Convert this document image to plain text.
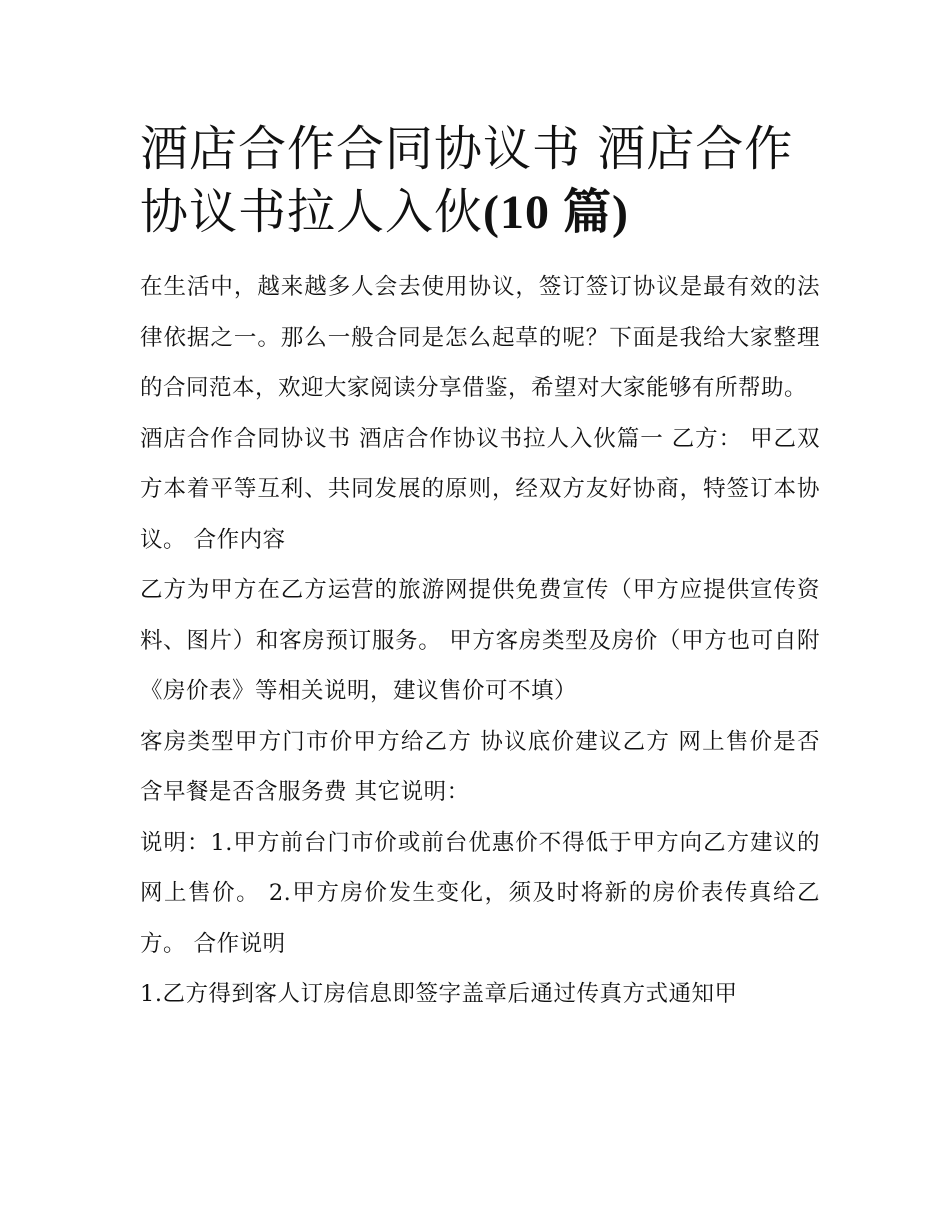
酒店合作合同协议书 酒店合作协议书拉人入伙(10 篇)

在生活中，越来越多人会去使用协议，签订签订协议是最有效的法律依据之一。那么一般合同是怎么起草的呢？下面是我给大家整理的合同范本，欢迎大家阅读分享借鉴，希望对大家能够有所帮助。

酒店合作合同协议书 酒店合作协议书拉人入伙篇一 乙方： 甲乙双方本着平等互利、共同发展的原则，经双方友好协商，特签订本协议。 合作内容

乙方为甲方在乙方运营的旅游网提供免费宣传（甲方应提供宣传资料、图片）和客房预订服务。 甲方客房类型及房价（甲方也可自附《房价表》等相关说明，建议售价可不填）

客房类型甲方门市价甲方给乙方 协议底价建议乙方 网上售价是否含早餐是否含服务费 其它说明：

说明：1.甲方前台门市价或前台优惠价不得低于甲方向乙方建议的网上售价。 2.甲方房价发生变化，须及时将新的房价表传真给乙方。 合作说明

1.乙方得到客人订房信息即签字盖章后通过传真方式通知甲
